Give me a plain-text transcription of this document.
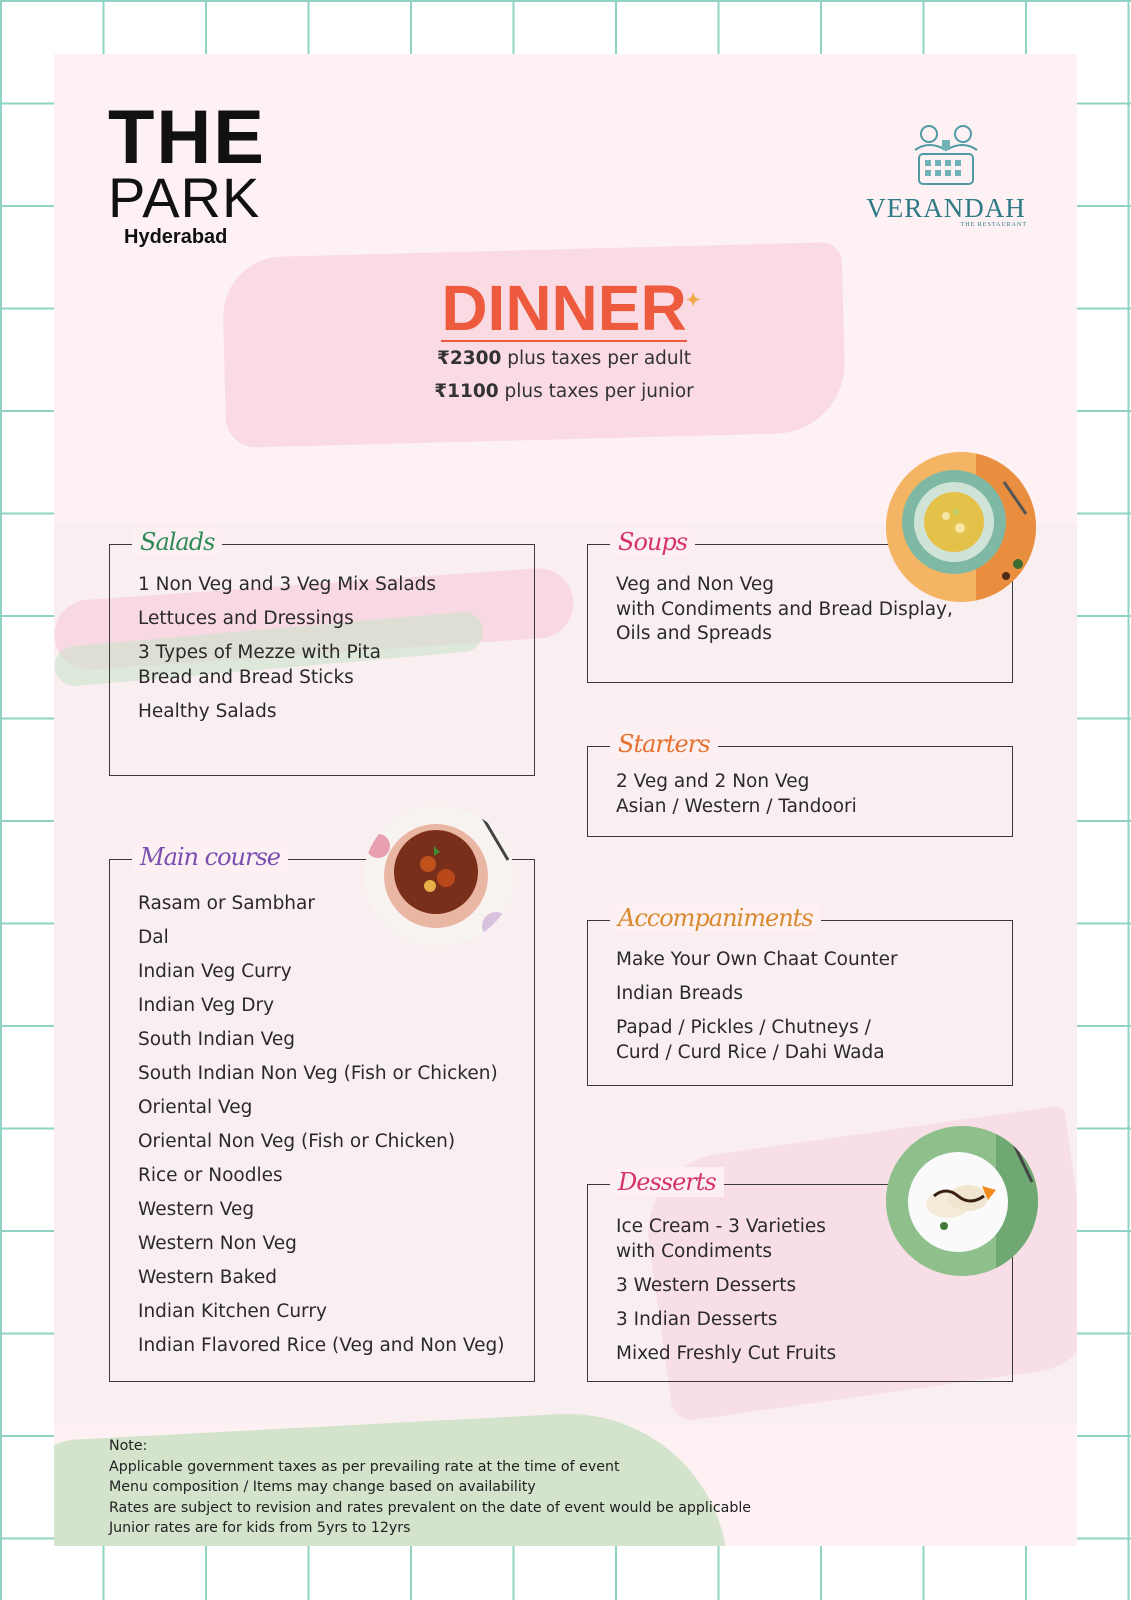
THE
PARK
Hyderabad
VERANDAH
THE RESTAURANT
DINNER
✦
₹2300 plus taxes per adult
₹1100 plus taxes per junior
Salads
1 Non Veg and 3 Veg Mix Salads
Lettuces and Dressings
3 Types of Mezze with Pita
Bread and Bread Sticks
Healthy Salads
Soups
Veg and Non Veg
with Condiments and Bread Display,
Oils and Spreads
Starters
2 Veg and 2 Non Veg
Asian / Western / Tandoori
Main course
Rasam or Sambhar
Dal
Indian Veg Curry
Indian Veg Dry
South Indian Veg
South Indian Non Veg (Fish or Chicken)
Oriental Veg
Oriental Non Veg (Fish or Chicken)
Rice or Noodles
Western Veg
Western Non Veg
Western Baked
Indian Kitchen Curry
Indian Flavored Rice (Veg and Non Veg)
Accompaniments
Make Your Own Chaat Counter
Indian Breads
Papad / Pickles / Chutneys /
Curd / Curd Rice / Dahi Wada
Desserts
Ice Cream - 3 Varieties
with Condiments
3 Western Desserts
3 Indian Desserts
Mixed Freshly Cut Fruits
Note:
Applicable government taxes as per prevailing rate at the time of event
Menu composition / Items may change based on availability
Rates are subject to revision and rates prevalent on the date of event would be applicable
Junior rates are for kids from 5yrs to 12yrs
